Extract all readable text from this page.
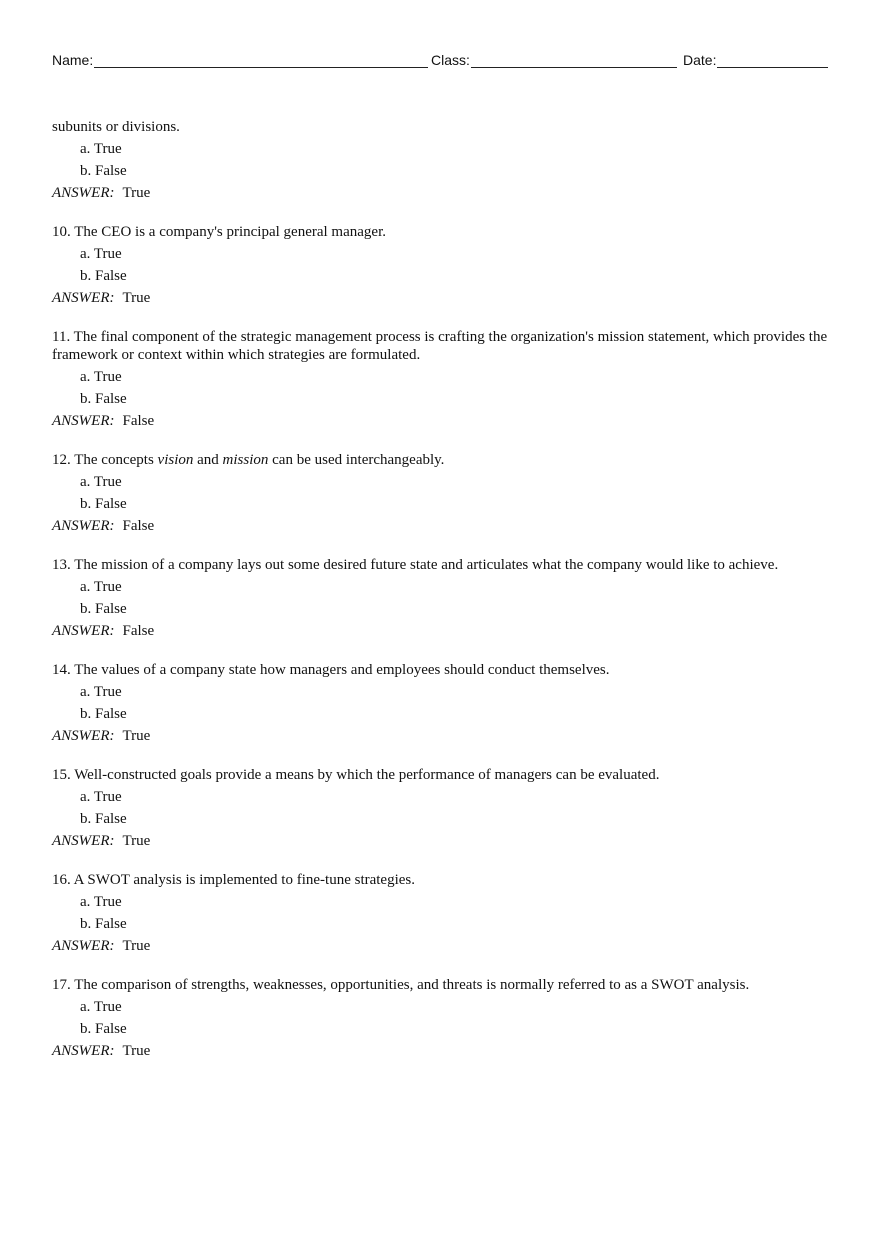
Name:	Class:	Date:
subunits or divisions.
a. True
b. False
ANSWER: True
10. The CEO is a company's principal general manager.
a. True
b. False
ANSWER: True
11. The final component of the strategic management process is crafting the organization's mission statement, which provides the framework or context within which strategies are formulated.
a. True
b. False
ANSWER: False
12. The concepts vision and mission can be used interchangeably.
a. True
b. False
ANSWER: False
13. The mission of a company lays out some desired future state and articulates what the company would like to achieve.
a. True
b. False
ANSWER: False
14. The values of a company state how managers and employees should conduct themselves.
a. True
b. False
ANSWER: True
15. Well-constructed goals provide a means by which the performance of managers can be evaluated.
a. True
b. False
ANSWER: True
16. A SWOT analysis is implemented to fine-tune strategies.
a. True
b. False
ANSWER: True
17. The comparison of strengths, weaknesses, opportunities, and threats is normally referred to as a SWOT analysis.
a. True
b. False
ANSWER: True
